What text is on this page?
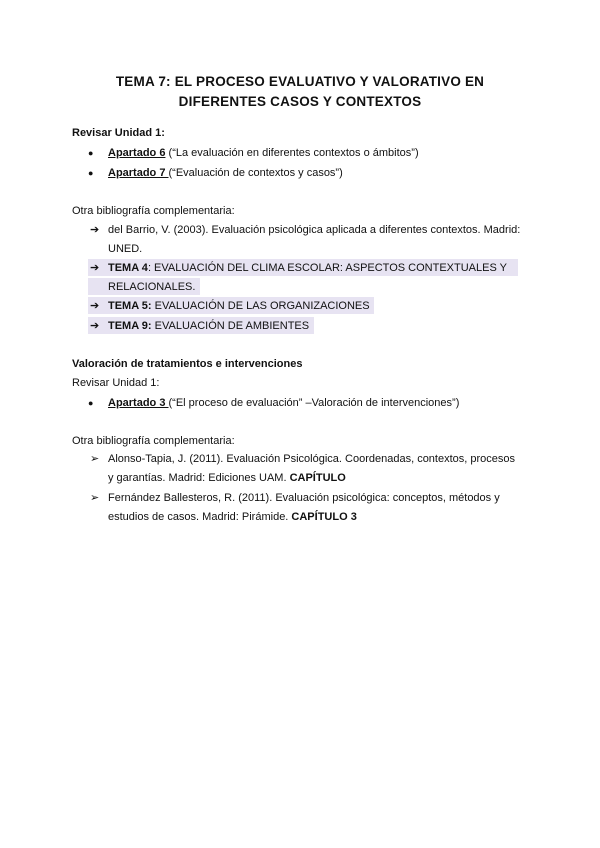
TEMA 7: EL PROCESO EVALUATIVO Y VALORATIVO EN
DIFERENTES CASOS Y CONTEXTOS
Revisar Unidad 1:
● Apartado 6 (“La evaluación en diferentes contextos o ámbitos”)
● Apartado 7 (“Evaluación de contextos y casos”)
Otra bibliografía complementaria:
➔ del Barrio, V. (2003). Evaluación psicológica aplicada a diferentes contextos. Madrid:
UNED.
➔ TEMA 4: EVALUACIÓN DEL CLIMA ESCOLAR: ASPECTOS CONTEXTUALES Y
RELACIONALES.
➔ TEMA 5: EVALUACIÓN DE LAS ORGANIZACIONES
➔ TEMA 9: EVALUACIÓN DE AMBIENTES
Valoración de tratamientos e intervenciones
Revisar Unidad 1:
● Apartado 3 (“El proceso de evaluación” –Valoración de intervenciones”)
Otra bibliografía complementaria:
➢ Alonso-Tapia, J. (2011). Evaluación Psicológica. Coordenadas, contextos, procesos
y garantías. Madrid: Ediciones UAM. CAPÍTULO
➢ Fernández Ballesteros, R. (2011). Evaluación psicológica: conceptos, métodos y
estudios de casos. Madrid: Pirámide. CAPÍTULO 3
